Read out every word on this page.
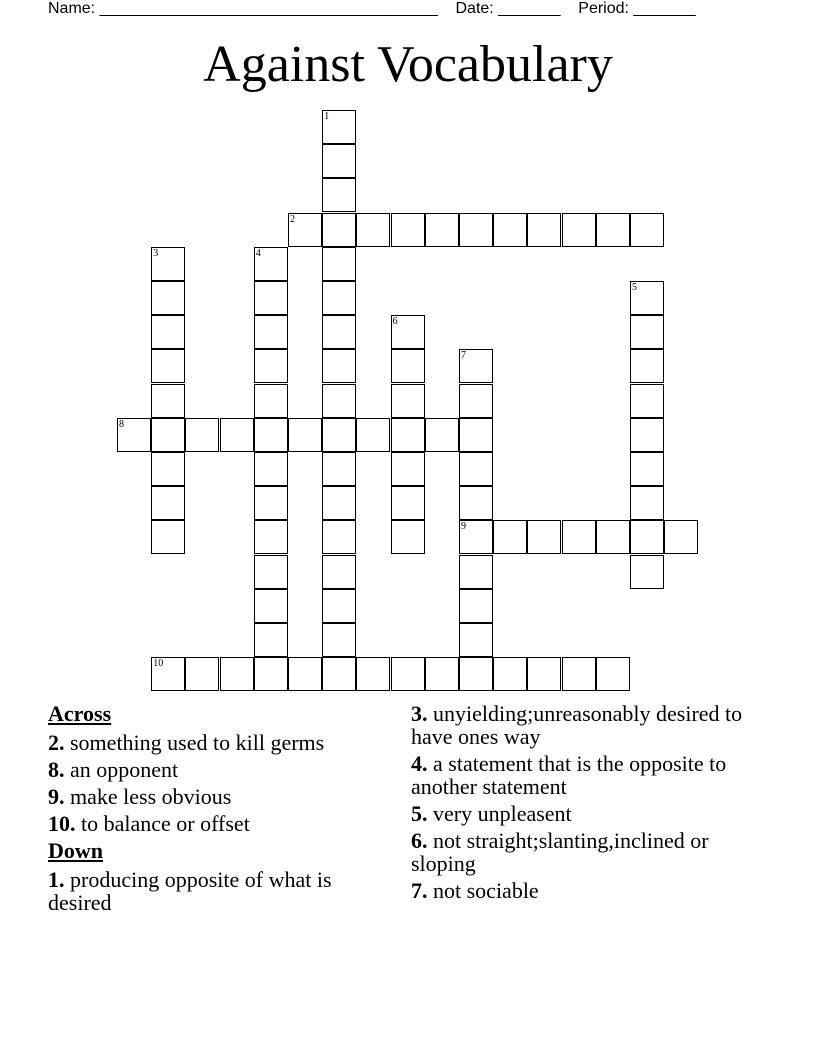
Name: ______________________________________ Date: _______ Period: _______
Against Vocabulary
1
2
3	4
5
6
7
9
8
10
Across
2. something used to kill germs
8. an opponent
9. make less obvious
10. to balance or offset
Down
1. producing opposite of what is desired
3. unyielding;unreasonably desired to have ones way
4. a statement that is the opposite to another statement
5. very unpleasent
6. not straight;slanting,inclined or sloping
7. not sociable
